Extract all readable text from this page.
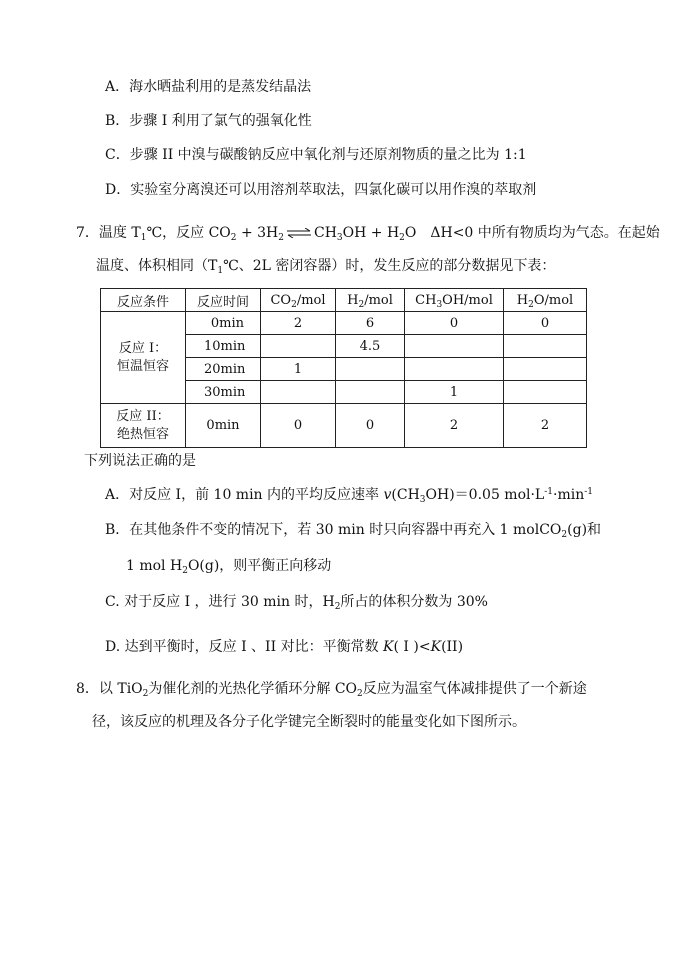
A．海水晒盐利用的是蒸发结晶法
B．步骤 I 利用了氯气的强氧化性
C．步骤 II 中溴与碳酸钠反应中氧化剂与还原剂物质的量之比为 1:1
D．实验室分离溴还可以用溶剂萃取法，四氯化碳可以用作溴的萃取剂
7．温度 $T_1℃$，反应 $CO_2 + 3H_2$ ⇌ $CH_3OH + H_2O$　ΔH<0 中所有物质均为气态。在起始
温度、体积相同（$T_1℃$、2L 密闭容器）时，发生反应的部分数据见下表：
反应条件	反应时间	$CO_2$/mol	$H_2$/mol	$CH_3OH$/mol	$H_2O$/mol

反应 I：
恒温恒容	0min	2	6	0	0
	10min		4.5		
	20min	1			
	30min			1	

反应 II：
绝热恒容	0min	0	0	2	2
下列说法正确的是
A．对反应 I，前 10 min 内的平均反应速率 $v(CH_3OH)=0.05$ $mol\cdot L^{-1}\cdot\min^{-1}$
B．在其他条件不变的情况下，若 30 min 时只向容器中再充入 1 molCO$_2$(g)和
1 mol $H_2O(g)$，则平衡正向移动
C. 对于反应 I ，进行 30 min 时，$H_2$所占的体积分数为 30%
D. 达到平衡时，反应 I 、II 对比：平衡常数 K( I )<K(II)
8．以 TiO$_2$为催化剂的光热化学循环分解 $CO_2$反应为温室气体减排提供了一个新途
径，该反应的机理及各分子化学键完全断裂时的能量变化如下图所示。
